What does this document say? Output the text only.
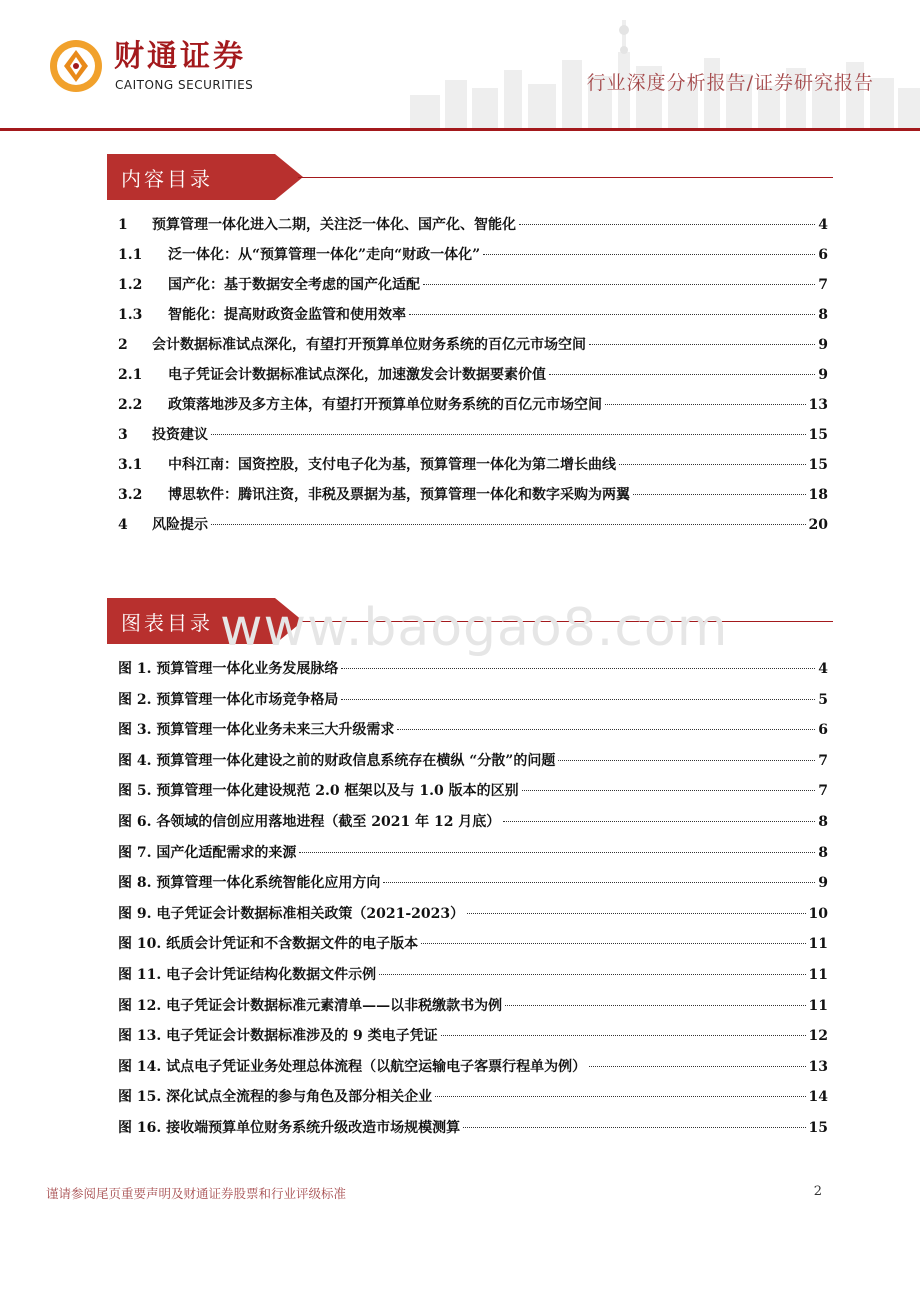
财通证券
CAITONG SECURITIES	行业深度分析报告/证券研究报告
内容目录
1	预算管理一体化进入二期，关注泛一体化、国产化、智能化	4
1.1	泛一体化：从“预算管理一体化”走向“财政一体化”	6
1.2	国产化：基于数据安全考虑的国产化适配	7
1.3	智能化：提高财政资金监管和使用效率	8
2	会计数据标准试点深化，有望打开预算单位财务系统的百亿元市场空间	9
2.1	电子凭证会计数据标准试点深化，加速激发会计数据要素价值	9
2.2	政策落地涉及多方主体，有望打开预算单位财务系统的百亿元市场空间	13
3	投资建议	15
3.1	中科江南：国资控股，支付电子化为基，预算管理一体化为第二增长曲线	15
3.2	博思软件：腾讯注资，非税及票据为基，预算管理一体化和数字采购为两翼	18
4	风险提示	20
图表目录 www.baogao8.com
图 1. 预算管理一体化业务发展脉络	4
图 2. 预算管理一体化市场竞争格局	5
图 3. 预算管理一体化业务未来三大升级需求	6
图 4. 预算管理一体化建设之前的财政信息系统存在横纵 “分散”的问题	7
图 5. 预算管理一体化建设规范 2.0 框架以及与 1.0 版本的区别	7
图 6. 各领域的信创应用落地进程（截至 2021 年 12 月底）	8
图 7. 国产化适配需求的来源	8
图 8. 预算管理一体化系统智能化应用方向	9
图 9. 电子凭证会计数据标准相关政策（2021-2023）	10
图 10. 纸质会计凭证和不含数据文件的电子版本	11
图 11. 电子会计凭证结构化数据文件示例	11
图 12. 电子凭证会计数据标准元素清单——以非税缴款书为例	11
图 13. 电子凭证会计数据标准涉及的 9 类电子凭证	12
图 14. 试点电子凭证业务处理总体流程（以航空运输电子客票行程单为例）	13
图 15. 深化试点全流程的参与角色及部分相关企业	14
图 16. 接收端预算单位财务系统升级改造市场规模测算	15
谨请参阅尾页重要声明及财通证券股票和行业评级标准	2
